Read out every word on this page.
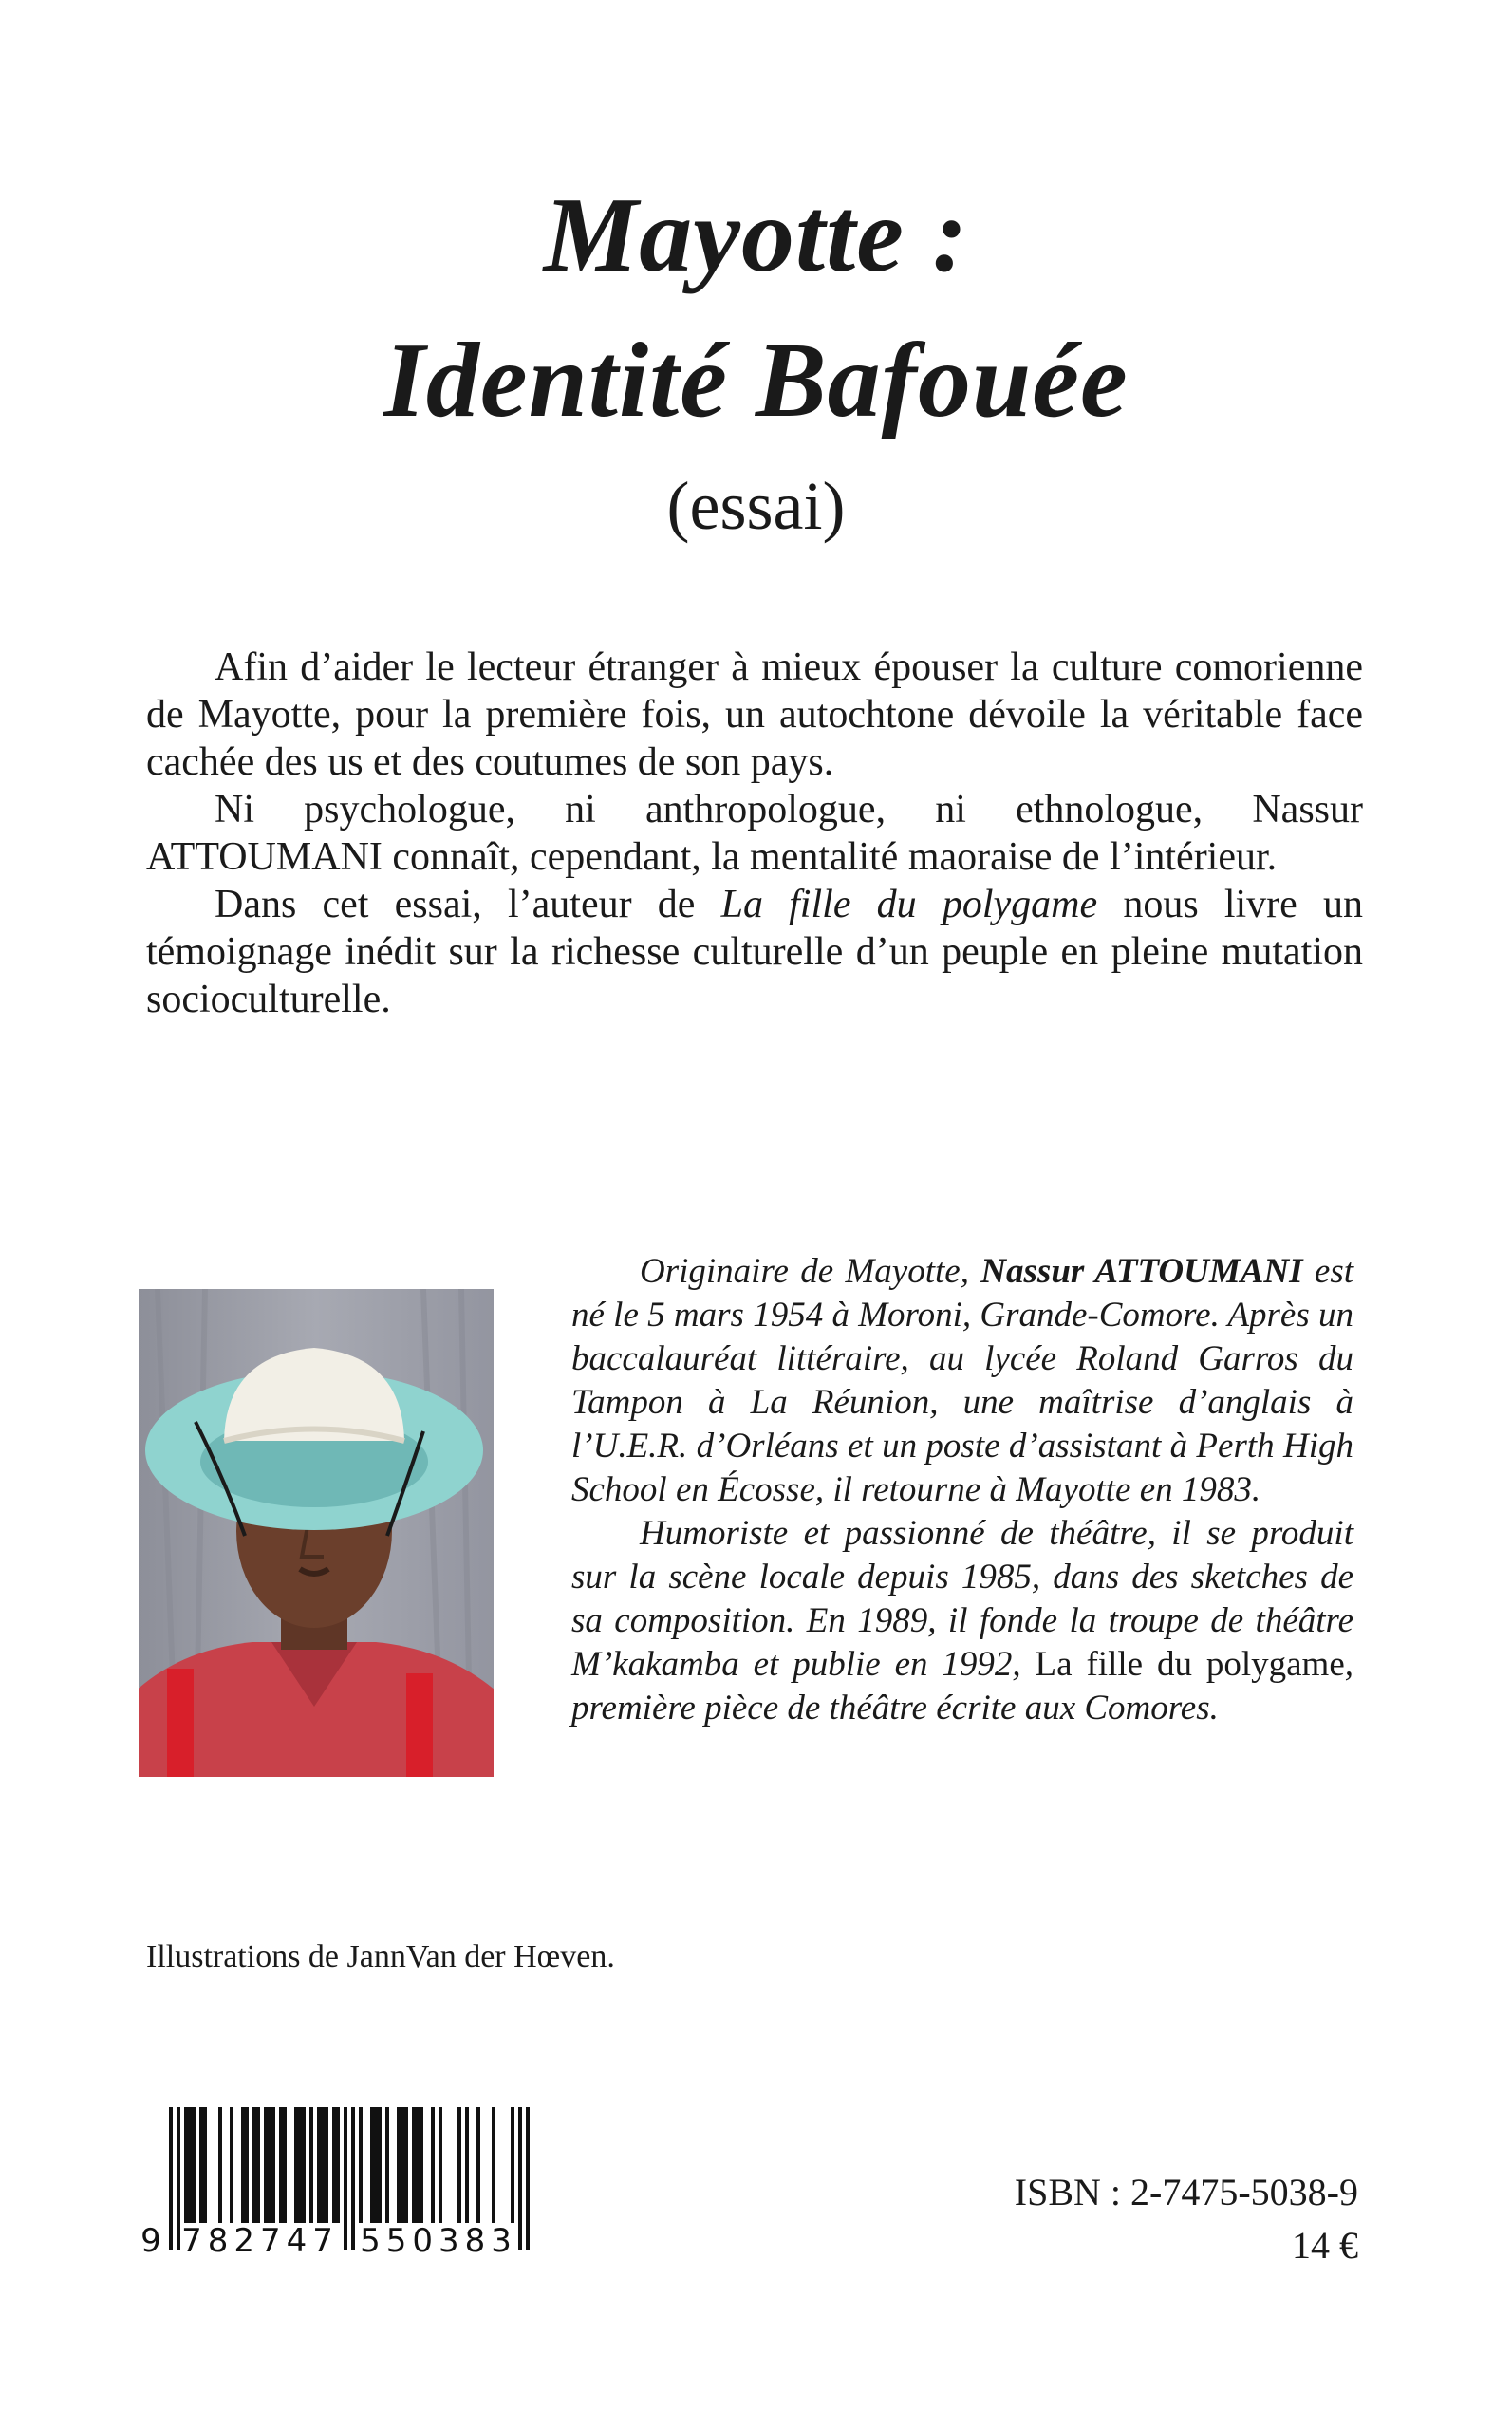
Mayotte :
Identité Bafouée
(essai)

Afin d’aider le lecteur étranger à mieux épouser la culture comorienne de Mayotte, pour la première fois, un autochtone dévoile la véritable face cachée des us et des coutumes de son pays.

Ni psychologue, ni anthropologue, ni ethnologue, Nassur ATTOUMANI connaît, cependant, la mentalité maoraise de l’intérieur.

Dans cet essai, l’auteur de La fille du polygame nous livre un témoignage inédit sur la richesse culturelle d’un peuple en pleine mutation socioculturelle.

Originaire de Mayotte, Nassur ATTOUMANI est né le 5 mars 1954 à Moroni, Grande-Comore. Après un baccalauréat littéraire, au lycée Roland Garros du Tampon à La Réunion, une maîtrise d’anglais à l’U.E.R. d’Orléans et un poste d’assistant à Perth High School en Écosse, il retourne à Mayotte en 1983.

Humoriste et passionné de théâtre, il se produit sur la scène locale depuis 1985, dans des sketches de sa composition. En 1989, il fonde la troupe de théâtre M’kakamba et publie en 1992, La fille du polygame, première pièce de théâtre écrite aux Comores.

Illustrations de JannVan der Hœven.
9 782747 550383
ISBN : 2-7475-5038-9
14 €
